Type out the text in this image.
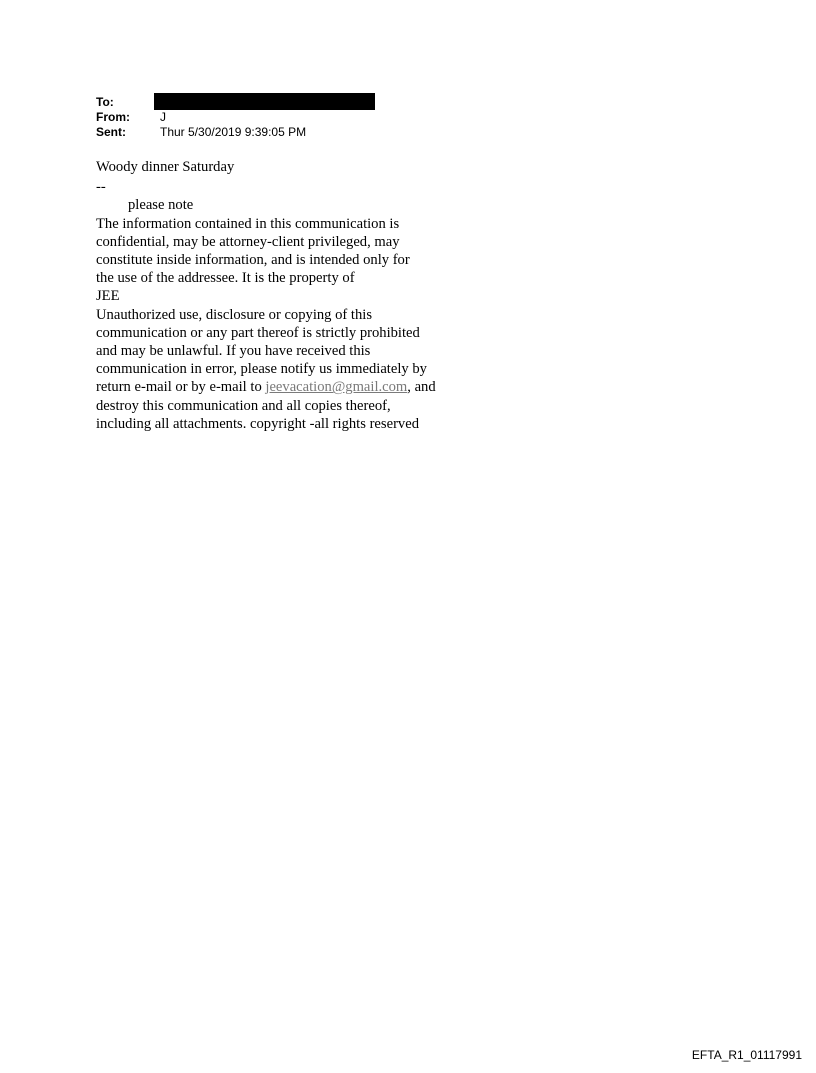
To:
From:	J
Sent:	Thur 5/30/2019 9:39:05 PM
Woody dinner Saturday
--
please note
The information contained in this communication is
confidential, may be attorney-client privileged, may
constitute inside information, and is intended only for
the use of the addressee. It is the property of
JEE
Unauthorized use, disclosure or copying of this
communication or any part thereof is strictly prohibited
and may be unlawful. If you have received this
communication in error, please notify us immediately by
return e-mail or by e-mail to jeevacation@gmail.com, and
destroy this communication and all copies thereof,
including all attachments. copyright -all rights reserved
EFTA_R1_01117991
